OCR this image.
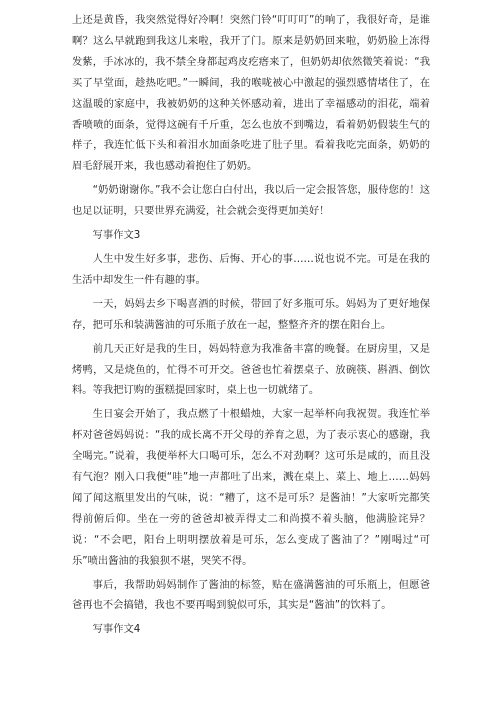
上还是黄昏，我突然觉得好冷啊！突然门铃“叮叮叮”的响了，我很好奇，是谁啊？这么早就跑到我这儿来啦，我开了门。原来是奶奶回来啦，奶奶脸上冻得发紫，手冰冰的，我不禁全身都起鸡皮疙瘩来了，但奶奶却依然微笑着说：“我买了早堂面，趁热吃吧。”一瞬间，我的喉咙被心中激起的强烈感情堵住了，在这温暖的家庭中，我被奶奶的这种关怀感动着，进出了幸福感动的泪花，端着香喷喷的面条，觉得这碗有千斤重，怎么也放不到嘴边，看着奶奶假装生气的样子，我连忙低下头和着泪水加面条吃进了肚子里。看着我吃完面条，奶奶的眉毛舒展开来，我也感动着抱住了奶奶。

“奶奶谢谢你。”我不会让您白白付出，我以后一定会报答您，服侍您的！这也足以证明，只要世界充满爱，社会就会变得更加美好！

写事作文3

人生中发生好多事，悲伤、后悔、开心的事……说也说不完。可是在我的生活中却发生一件有趣的事。

一天，妈妈去乡下喝喜酒的时候，带回了好多瓶可乐。妈妈为了更好地保存，把可乐和装满酱油的可乐瓶子放在一起，整整齐齐的摆在阳台上。

前几天正好是我的生日，妈妈特意为我准备丰富的晚餐。在厨房里，又是烤鸭，又是烧鱼的，忙得不可开交。爸爸也忙着摆桌子、放碗筷、斟酒、倒饮料。等我把订购的蛋糕提回家时，桌上也一切就绪了。

生日宴会开始了，我点燃了十根蜡烛，大家一起举杯向我祝贺。我连忙举杯对爸爸妈妈说：“我的成长离不开父母的养育之恩，为了表示衷心的感谢，我全喝完。”说着，我便举杯大口喝可乐，怎么不对劲啊？这可乐是咸的，而且没有气泡？刚入口我便“哇”地一声都吐了出来，溅在桌上、菜上、地上……妈妈闻了闻这瓶里发出的气味，说：“糟了，这不是可乐？是酱油！”大家听完都笑得前俯后仰。坐在一旁的爸爸却被弄得丈二和尚摸不着头脑，他满脸诧异？说：“不会吧，阳台上明明摆放着是可乐，怎么变成了酱油了？”刚喝过“可乐”喷出酱油的我狼狈不堪，哭笑不得。

事后，我帮助妈妈制作了酱油的标签，贴在盛满酱油的可乐瓶上，但愿爸爸再也不会搞错，我也不要再喝到貌似可乐，其实是“酱油”的饮料了。

写事作文4
